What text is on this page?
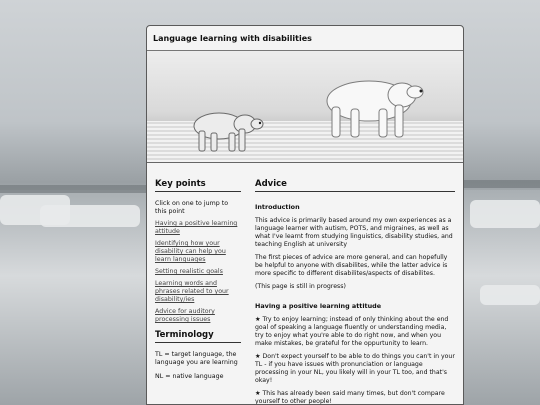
Language learning with disabilities
Key points
Click on one to jump to this point
Having a positive learning attitude
Identifying how your disability can help you learn languages
Setting realistic goals
Learning words and phrases related to your disability/ies
Advice for auditory processing issues
Terminology
TL = target language, the language you are learning
NL = native language
Advice
Introduction

This advice is primarily based around my own experiences as a language learner with autism, POTS, and migraines, as well as what I've learnt from studying linguistics, disability studies, and teaching English at university

The first pieces of advice are more general, and can hopefully be helpful to anyone with disabilites, while the latter advice is more specific to different disabilites/aspects of disabilites.

(This page is still in progress)

Having a positive learning attitude

★ Try to enjoy learning; instead of only thinking about the end goal of speaking a language fluently or understanding media, try to enjoy what you're able to do right now, and when you make mistakes, be grateful for the oppurtunity to learn.

★ Don't expect yourself to be able to do things you can't in your TL - if you have issues with pronunciation or language processing in your NL, you likely will in your TL too, and that's okay!

★ This has already been said many times, but don't compare yourself to other people!
